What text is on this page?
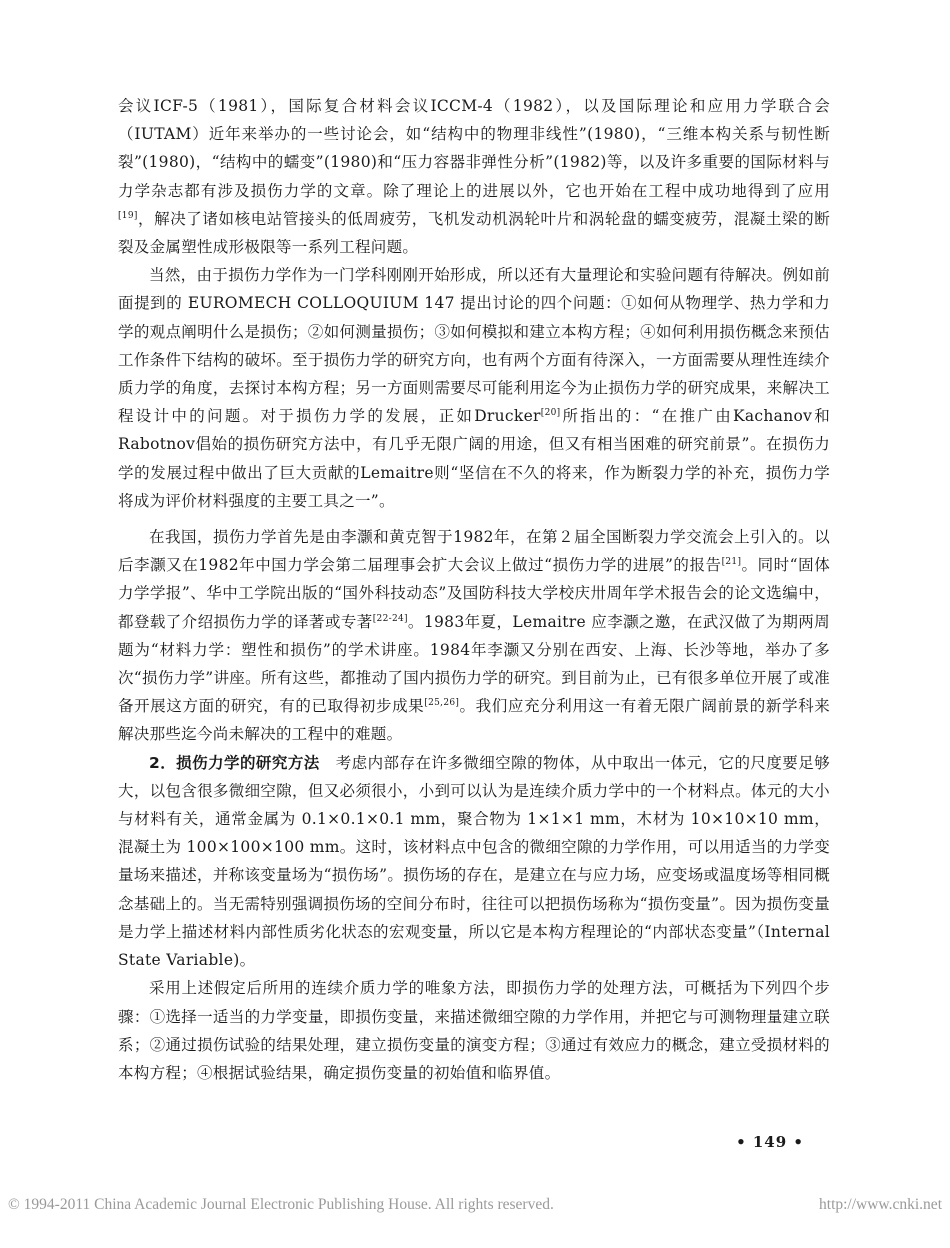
会议ICF-5（1981），国际复合材料会议ICCM-4（1982），以及国际理论和应用力学联合会（IUTAM）近年来举办的一些讨论会，如“结构中的物理非线性”(1980)，“三维本构关系与韧性断裂”(1980)，“结构中的蠕变”(1980)和“压力容器非弹性分析”(1982)等，以及许多重要的国际材料与力学杂志都有涉及损伤力学的文章。除了理论上的进展以外，它也开始在工程中成功地得到了应用[19]，解决了诸如核电站管接头的低周疲劳，飞机发动机涡轮叶片和涡轮盘的蠕变疲劳，混凝土梁的断裂及金属塑性成形极限等一系列工程问题。

当然，由于损伤力学作为一门学科刚刚开始形成，所以还有大量理论和实验问题有待解决。例如前面提到的 EUROMECH COLLOQUIUM 147 提出讨论的四个问题：①如何从物理学、热力学和力学的观点阐明什么是损伤；②如何测量损伤；③如何模拟和建立本构方程；④如何利用损伤概念来预估工作条件下结构的破坏。至于损伤力学的研究方向，也有两个方面有待深入，一方面需要从理性连续介质力学的角度，去探讨本构方程；另一方面则需要尽可能利用迄今为止损伤力学的研究成果，来解决工程设计中的问题。对于损伤力学的发展，正如Drucker[20]所指出的：“在推广由Kachanov和Rabotnov倡始的损伤研究方法中，有几乎无限广阔的用途，但又有相当困难的研究前景”。在损伤力学的发展过程中做出了巨大贡献的Lemaitre则“坚信在不久的将来，作为断裂力学的补充，损伤力学将成为评价材料强度的主要工具之一”。

在我国，损伤力学首先是由李灏和黄克智于1982年，在第２届全国断裂力学交流会上引入的。以后李灏又在1982年中国力学会第二届理事会扩大会议上做过“损伤力学的进展”的报告[21]。同时“固体力学学报”、华中工学院出版的“国外科技动态”及国防科技大学校庆卅周年学术报告会的论文选编中，都登载了介绍损伤力学的译著或专著[22-24]。1983年夏，Lemaitre 应李灏之邀，在武汉做了为期两周题为“材料力学：塑性和损伤”的学术讲座。1984年李灏又分别在西安、上海、长沙等地，举办了多次“损伤力学”讲座。所有这些，都推动了国内损伤力学的研究。到目前为止，已有很多单位开展了或准备开展这方面的研究，有的已取得初步成果[25,26]。我们应充分利用这一有着无限广阔前景的新学科来解决那些迄今尚未解决的工程中的难题。

2．损伤力学的研究方法　考虑内部存在许多微细空隙的物体，从中取出一体元，它的尺度要足够大，以包含很多微细空隙，但又必须很小，小到可以认为是连续介质力学中的一个材料点。体元的大小与材料有关，通常金属为 0.1×0.1×0.1 mm，聚合物为 1×1×1 mm，木材为 10×10×10 mm，混凝土为 100×100×100 mm。这时，该材料点中包含的微细空隙的力学作用，可以用适当的力学变量场来描述，并称该变量场为“损伤场”。损伤场的存在，是建立在与应力场，应变场或温度场等相同概念基础上的。当无需特别强调损伤场的空间分布时，往往可以把损伤场称为“损伤变量”。因为损伤变量是力学上描述材料内部性质劣化状态的宏观变量，所以它是本构方程理论的“内部状态变量”（Internal State Variable)。

采用上述假定后所用的连续介质力学的唯象方法，即损伤力学的处理方法，可概括为下列四个步骤：①选择一适当的力学变量，即损伤变量，来描述微细空隙的力学作用，并把它与可测物理量建立联系；②通过损伤试验的结果处理，建立损伤变量的演变方程；③通过有效应力的概念，建立受损材料的本构方程；④根据试验结果，确定损伤变量的初始值和临界值。

• 149 •
© 1994-2011 China Academic Journal Electronic Publishing House. All rights reserved.	http://www.cnki.net
